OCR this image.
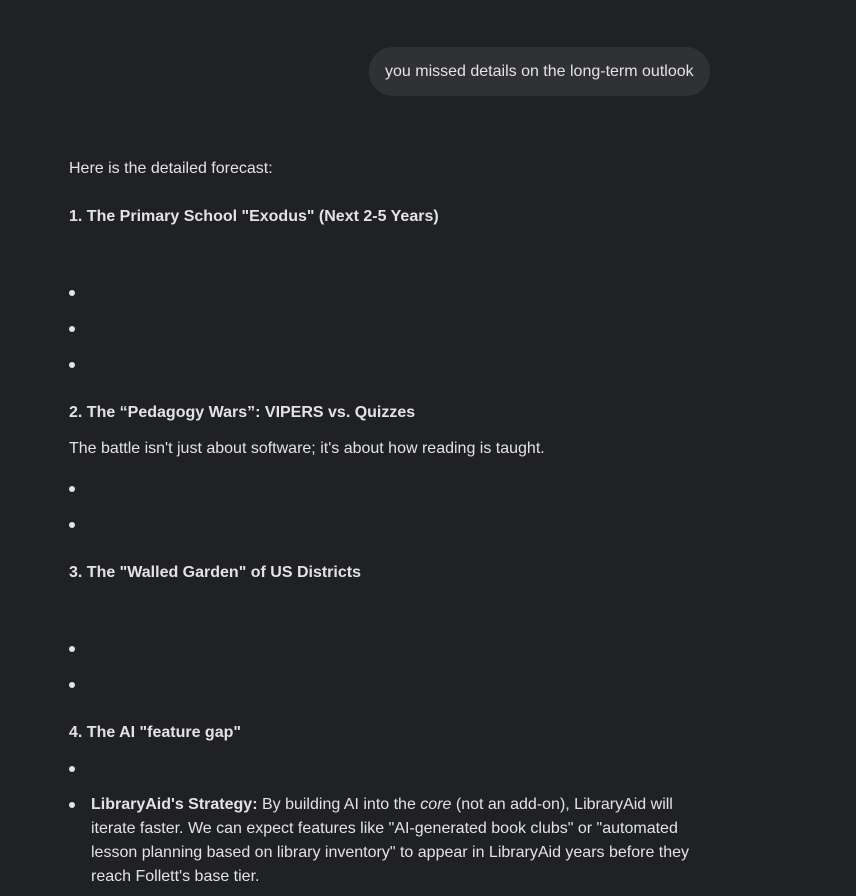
you missed details on the long-term outlook

Here is the detailed forecast:

1. The Primary School "Exodus" (Next 2-5 Years)

2. The “Pedagogy Wars”: VIPERS vs. Quizzes

The battle isn't just about software; it's about how reading is taught.

3. The "Walled Garden" of US Districts

4. The AI "feature gap"

LibraryAid's Strategy: By building AI into the core (not an add-on), LibraryAid will
iterate faster. We can expect features like "AI-generated book clubs" or "automated
lesson planning based on library inventory" to appear in LibraryAid years before they
reach Follett's base tier.
